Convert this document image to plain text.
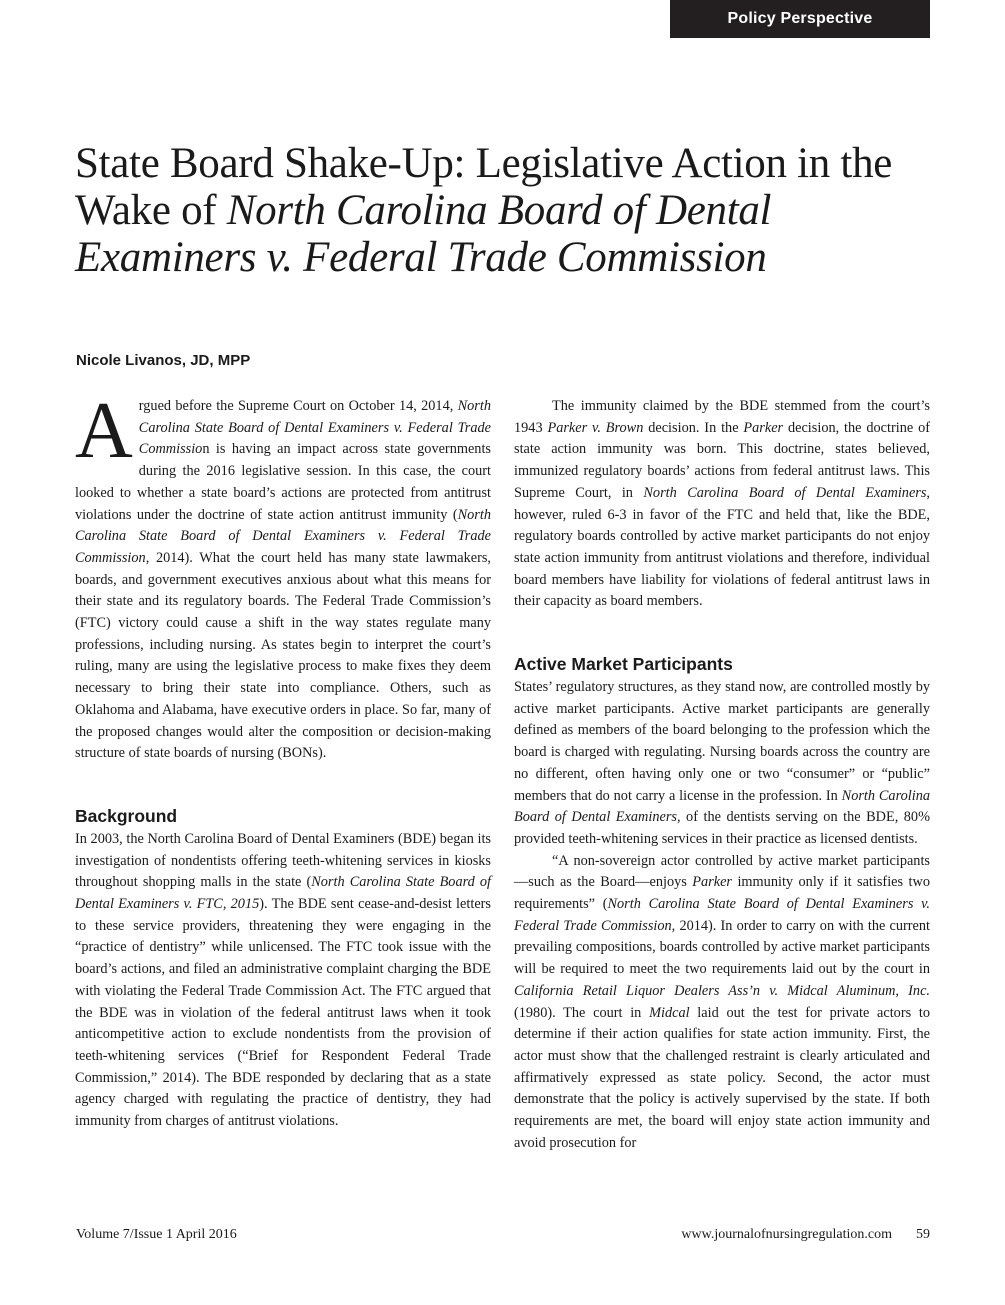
Policy Perspective
State Board Shake-Up: Legislative Action in the Wake of North Carolina Board of Dental Examiners v. Federal Trade Commission

Nicole Livanos, JD, MPP

Argued before the Supreme Court on October 14, 2014, North Carolina State Board of Dental Examiners v. Federal Trade Commission is having an impact across state governments during the 2016 legislative session. In this case, the court looked to whether a state board’s actions are protected from antitrust violations under the doctrine of state action antitrust immunity (North Carolina State Board of Dental Examiners v. Federal Trade Commission, 2014). What the court held has many state lawmakers, boards, and government executives anxious about what this means for their state and its regulatory boards. The Federal Trade Commission’s (FTC) victory could cause a shift in the way states regulate many professions, including nursing. As states begin to interpret the court’s ruling, many are using the legislative process to make fixes they deem necessary to bring their state into compliance. Others, such as Oklahoma and Alabama, have executive orders in place. So far, many of the proposed changes would alter the composition or decision-making structure of state boards of nursing (BONs).

Background

In 2003, the North Carolina Board of Dental Examiners (BDE) began its investigation of nondentists offering teeth-whitening services in kiosks throughout shopping malls in the state (North Carolina State Board of Dental Examiners v. FTC, 2015). The BDE sent cease-and-desist letters to these service providers, threatening they were engaging in the “practice of dentistry” while unlicensed. The FTC took issue with the board’s actions, and filed an administrative complaint charging the BDE with violating the Federal Trade Commission Act. The FTC argued that the BDE was in violation of the federal antitrust laws when it took anticompetitive action to exclude nondentists from the provision of teeth-whitening services (“Brief for Respondent Federal Trade Commission,” 2014). The BDE responded by declaring that as a state agency charged with regulating the practice of dentistry, they had immunity from charges of antitrust violations.

The immunity claimed by the BDE stemmed from the court’s 1943 Parker v. Brown decision. In the Parker decision, the doctrine of state action immunity was born. This doctrine, states believed, immunized regulatory boards’ actions from federal antitrust laws. This Supreme Court, in North Carolina Board of Dental Examiners, however, ruled 6-3 in favor of the FTC and held that, like the BDE, regulatory boards controlled by active market participants do not enjoy state action immunity from antitrust violations and therefore, individual board members have liability for violations of federal antitrust laws in their capacity as board members.

Active Market Participants

States’ regulatory structures, as they stand now, are controlled mostly by active market participants. Active market participants are generally defined as members of the board belonging to the profession which the board is charged with regulating. Nursing boards across the country are no different, often having only one or two “consumer” or “public” members that do not carry a license in the profession. In North Carolina Board of Dental Examiners, of the dentists serving on the BDE, 80% provided teeth-whitening services in their practice as licensed dentists.

“A non-sovereign actor controlled by active market participants—such as the Board—enjoys Parker immunity only if it satisfies two requirements” (North Carolina State Board of Dental Examiners v. Federal Trade Commission, 2014). In order to carry on with the current prevailing compositions, boards controlled by active market participants will be required to meet the two requirements laid out by the court in California Retail Liquor Dealers Ass’n v. Midcal Aluminum, Inc. (1980). The court in Midcal laid out the test for private actors to determine if their action qualifies for state action immunity. First, the actor must show that the challenged restraint is clearly articulated and affirmatively expressed as state policy. Second, the actor must demonstrate that the policy is actively supervised by the state. If both requirements are met, the board will enjoy state action immunity and avoid prosecution for

Volume 7/Issue 1 April 2016	www.journalofnursingregulation.com 59
